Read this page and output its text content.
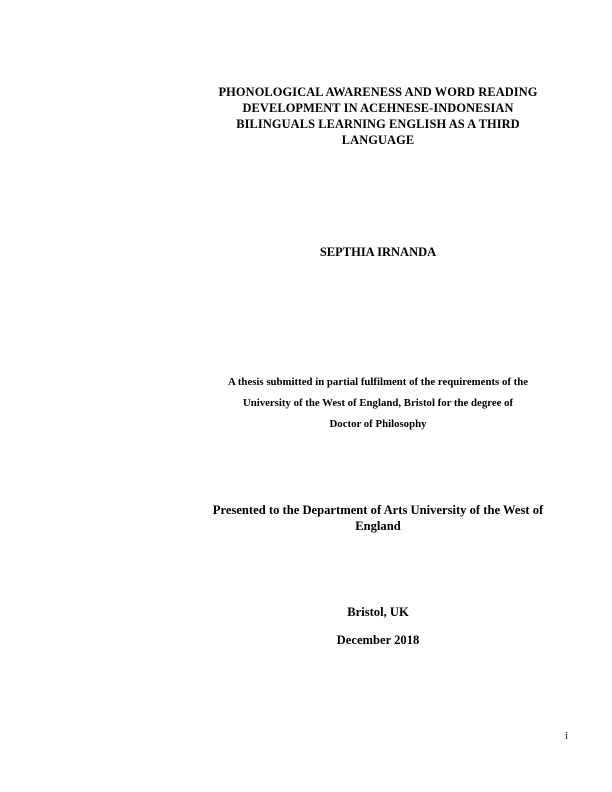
PHONOLOGICAL AWARENESS AND WORD READING
DEVELOPMENT IN ACEHNESE-INDONESIAN
BILINGUALS LEARNING ENGLISH AS A THIRD
LANGUAGE
SEPTHIA IRNANDA
A thesis submitted in partial fulfilment of the requirements of the
University of the West of England, Bristol for the degree of
Doctor of Philosophy
Presented to the Department of Arts University of the West of
England
Bristol, UK
December 2018
i
